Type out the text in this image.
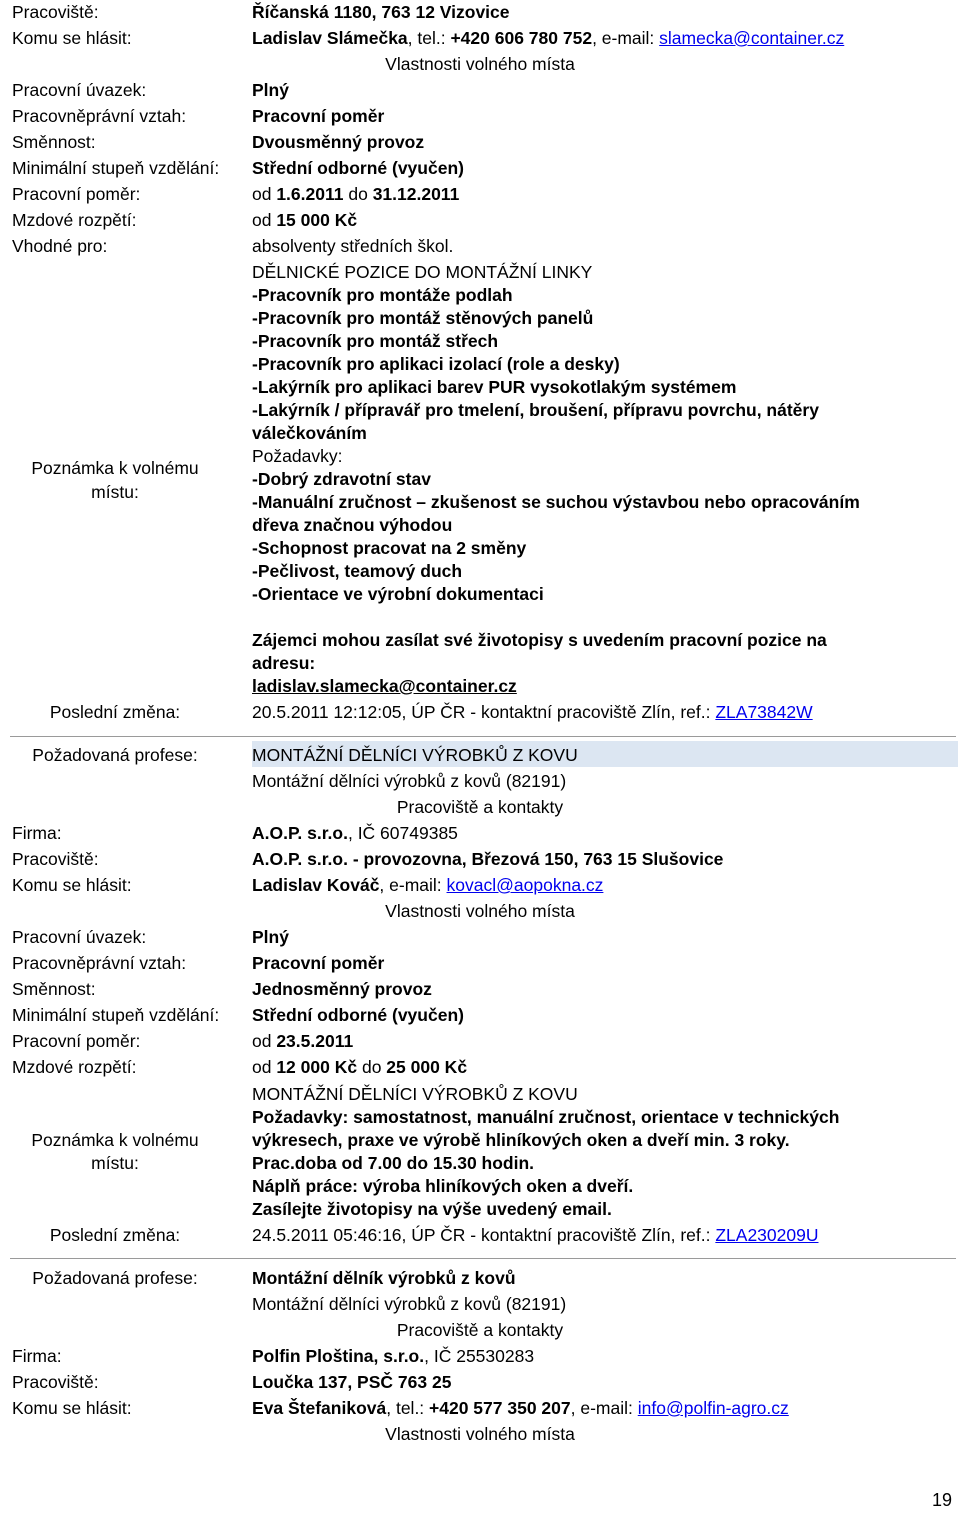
Pracoviště:	Říčanská 1180, 763 12 Vizovice
Komu se hlásit:	Ladislav Slámečka, tel.: +420 606 780 752, e-mail: slamecka@container.cz
Vlastnosti volného místa
Pracovní úvazek:	Plný
Pracovněprávní vztah:	Pracovní poměr
Směnnost:	Dvousměnný provoz
Minimální stupeň vzdělání: Střední odborné (vyučen)
Pracovní poměr:	od 1.6.2011 do 31.12.2011
Mzdové rozpětí:	od 15 000 Kč
Vhodné pro:	absolventy středních škol.
Poznámka k volnému
místu:
DĚLNICKÉ POZICE DO MONTÁŽNÍ LINKY
-Pracovník pro montáže podlah
-Pracovník pro montáž stěnových panelů
-Pracovník pro montáž střech
-Pracovník pro aplikaci izolací (role a desky)
-Lakýrník pro aplikaci barev PUR vysokotlakým systémem
-Lakýrník / přípravář pro tmelení, broušení, přípravu povrchu, nátěry
válečkováním
Požadavky:
-Dobrý zdravotní stav
-Manuální zručnost – zkušenost se suchou výstavbou nebo opracováním
dřeva značnou výhodou
-Schopnost pracovat na 2 směny
-Pečlivost, teamový duch
-Orientace ve výrobní dokumentaci
Zájemci mohou zasílat své životopisy s uvedením pracovní pozice na
adresu:
ladislav.slamecka@container.cz
Poslední změna:	20.5.2011 12:12:05, ÚP ČR - kontaktní pracoviště Zlín, ref.: ZLA73842W
Požadovaná profese:	MONTÁŽNÍ DĚLNÍCI VÝROBKŮ Z KOVU
Montážní dělníci výrobků z kovů (82191)
Pracoviště a kontakty
Firma:	A.O.P. s.r.o., IČ 60749385
Pracoviště:	A.O.P. s.r.o. - provozovna, Březová 150, 763 15 Slušovice
Komu se hlásit:	Ladislav Kováč, e-mail: kovacl@aopokna.cz
Vlastnosti volného místa
Pracovní úvazek:	Plný
Pracovněprávní vztah:	Pracovní poměr
Směnnost:	Jednosměnný provoz
Minimální stupeň vzdělání: Střední odborné (vyučen)
Pracovní poměr:	od 23.5.2011
Mzdové rozpětí:	od 12 000 Kč do 25 000 Kč
Poznámka k volnému
místu:
MONTÁŽNÍ DĚLNÍCI VÝROBKŮ Z KOVU
Požadavky: samostatnost, manuální zručnost, orientace v technických
výkresech, praxe ve výrobě hliníkových oken a dveří min. 3 roky.
Prac.doba od 7.00 do 15.30 hodin.
Náplň práce: výroba hliníkových oken a dveří.
Zasílejte životopisy na výše uvedený email.
Poslední změna:	24.5.2011 05:46:16, ÚP ČR - kontaktní pracoviště Zlín, ref.: ZLA230209U
Požadovaná profese:	Montážní dělník výrobků z kovů
Montážní dělníci výrobků z kovů (82191)
Pracoviště a kontakty
Firma:	Polfin Ploština, s.r.o., IČ 25530283
Pracoviště:	Loučka 137, PSČ 763 25
Komu se hlásit:	Eva Štefaniková, tel.: +420 577 350 207, e-mail: info@polfin-agro.cz
Vlastnosti volného místa
19
